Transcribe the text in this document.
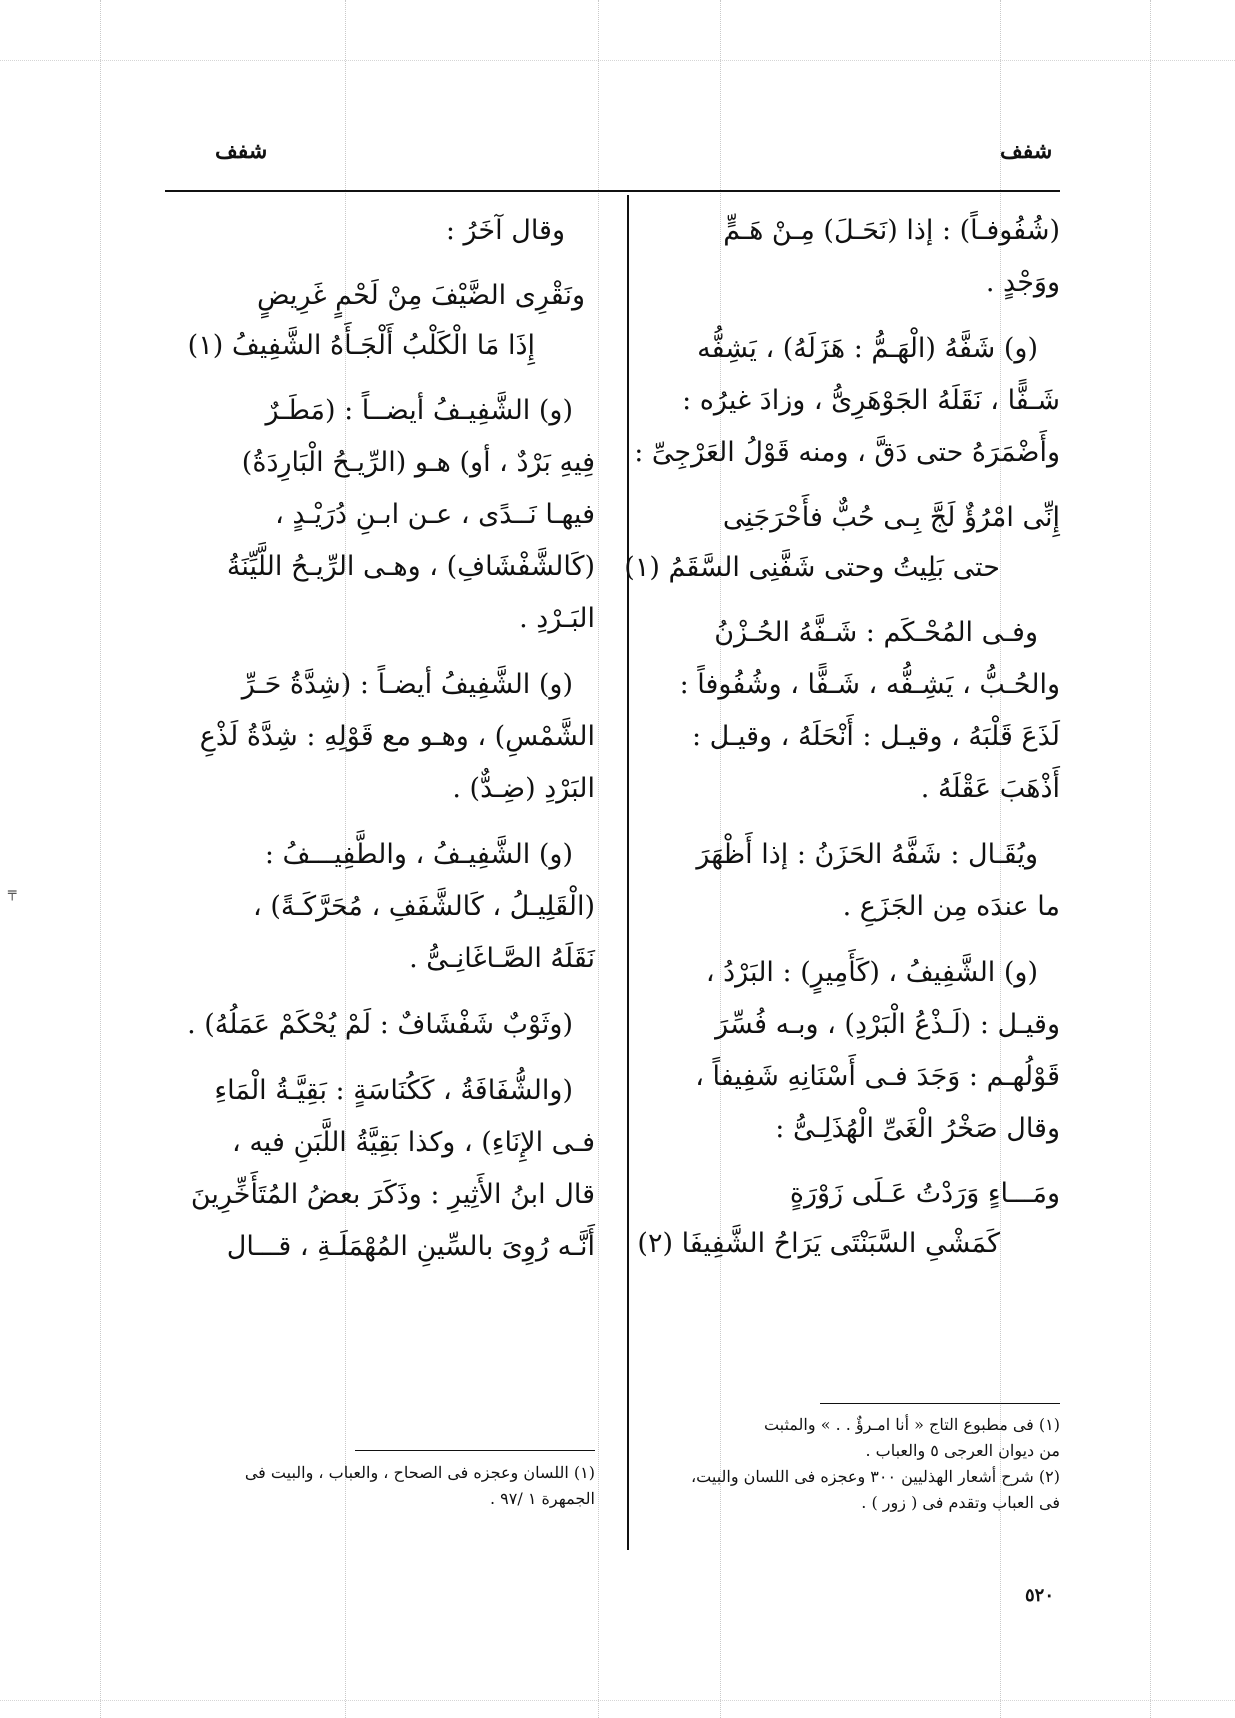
╤
شفف
شفف
(شُفُوفـاً) : إذا (نَحَـلَ) مِـنْ هَـمٍّ
ووَجْدٍ .
(و) شَفَّهُ (الْهَـمُّ : هَزَلَهُ) ، يَشِفُّه
شَـفًّا ، نَقَلَهُ الجَوْهَرِىُّ ، وزادَ غيرُه :
وأَضْمَرَهُ حتى دَقَّ ، ومنه قَوْلُ العَرْجِىِّ :
إِنِّى امْرُؤٌ لَجَّ بِـى حُبٌّ فأَحْرَجَنِى
حتى بَلِيتُ وحتى شَفَّنِى السَّقَمُ (١)
وفـى المُحْـكَم : شَـفَّهُ الحُـزْنُ
والحُـبُّ ، يَشِـفُّه ، شَـفًّا ، وشُفُوفاً :
لَذَعَ قَلْبَهُ ، وقيـل : أَنْحَلَهُ ، وقيـل :
أَذْهَبَ عَقْلَهُ .
ويُقَـال : شَفَّهُ الحَزَنُ : إذا أَظْهَرَ
ما عندَه مِن الجَزَعِ .
(و) الشَّفِيفُ ، (كَأَمِيرٍ) : البَرْدُ ،
وقيـل : (لَـذْعُ الْبَرْدِ) ، وبـه فُسِّرَ
قَوْلُهـم : وَجَدَ فـى أَسْنَانِهِ شَفِيفاً ،
وقال صَخْرُ الْغَىِّ الْهُذَلِـىُّ :
ومَـــاءٍ وَرَدْتُ عَـلَى زَوْرَةٍ
كَمَشْىِ السَّبَنْتَى يَرَاحُ الشَّفِيفَا (٢)
(١) فى مطبوع التاج « أنا امـرؤٌ . . » والمثبت
من ديوان العرجى ٥ والعباب .
(٢) شرح أشعار الهذليين ٣٠٠ وعجزه فى اللسان والبيت،
فى العباب وتقدم فى ( زور ) .
وقال آخَرُ :
ونَقْرِى الضَّيْفَ مِنْ لَحْمٍ غَرِيضٍ
إِذَا مَا الْكَلْبُ أَلْجَـأَهُ الشَّفِيفُ (١)
(و) الشَّفِيـفُ أيضــاً : (مَطَـرٌ
فِيهِ بَرْدٌ ، أو) هـو (الرِّيـحُ الْبَارِدَةُ)
فيهـا نَــدًى ، عـن ابـنِ دُرَيْـدٍ ،
(كَالشَّفْشَافِ) ، وهـى الرِّيـحُ اللَّيِّنَةُ
البَـرْدِ .
(و) الشَّفِيفُ أيضـاً : (شِدَّةُ حَـرِّ
الشَّمْسِ) ، وهـو مع قَوْلِهِ : شِدَّةُ لَذْعِ
البَرْدِ (ضِـدٌّ) .
(و) الشَّفِيـفُ ، والطَّفِيـــفُ :
(الْقَلِيـلُ ، كَالشَّفَفِ ، مُحَرَّكَـةً) ،
نَقَلَهُ الصَّـاغَانِـىُّ .
(وثَوْبٌ شَفْشَافٌ : لَمْ يُحْكَمْ عَمَلُهُ) .
(والشُّفَافَةُ ، كَكُنَاسَةٍ : بَقِيَّـةُ الْمَاءِ
فـى الإِنَاءِ) ، وكذا بَقِيَّةُ اللَّبَنِ فيه ،
قال ابنُ الأَثِيرِ : وذَكَرَ بعضُ المُتَأَخِّرِينَ
أَنَّـه رُوِىَ بالسِّينِ المُهْمَلَـةِ ، قـــال
(١) اللسان وعجزه فى الصحاح ، والعباب ، والبيت فى
الجمهرة ١ /٩٧ .
٥٢٠
